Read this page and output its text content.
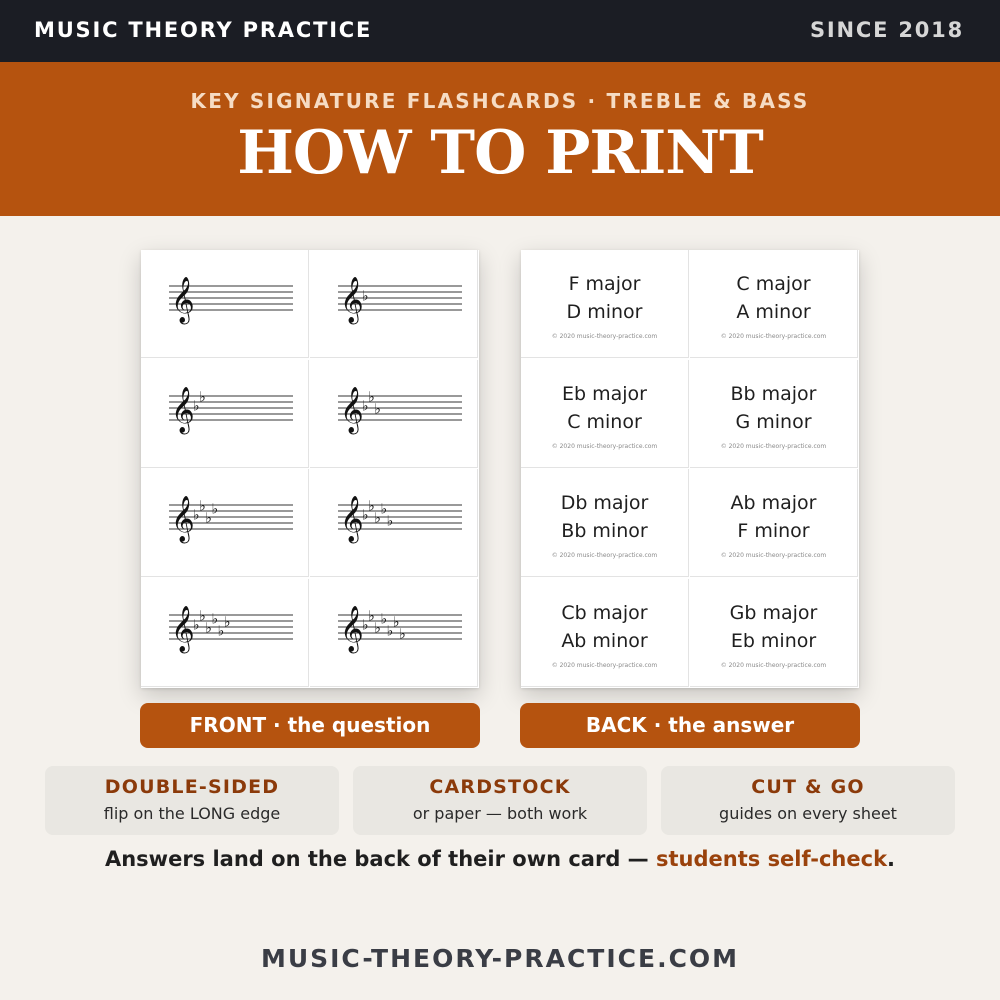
MUSIC THEORY PRACTICE	SINCE 2018
KEY SIGNATURE FLASHCARDS · TREBLE & BASS
HOW TO PRINT
𝄞	𝄞
♭
𝄞
♭
♭	𝄞
♭
♭
♭
𝄞
♭
♭
♭
♭	𝄞
♭
♭
♭
♭
♭
𝄞
♭
♭
♭
♭
♭
♭	𝄞
♭
♭
♭
♭
♭
♭
♭
F major
D minor
© 2020 music-theory-practice.com
C major
A minor
© 2020 music-theory-practice.com
Eb major
C minor
© 2020 music-theory-practice.com
Bb major
G minor
© 2020 music-theory-practice.com
Db major
Bb minor
© 2020 music-theory-practice.com
Ab major
F minor
© 2020 music-theory-practice.com
Cb major
Ab minor
© 2020 music-theory-practice.com
Gb major
Eb minor
© 2020 music-theory-practice.com
FRONT · the question	BACK · the answer
DOUBLE-SIDED
flip on the LONG edge
CARDSTOCK
or paper — both work
CUT & GO
guides on every sheet
Answers land on the back of their own card — students self-check.
MUSIC-THEORY-PRACTICE.COM
